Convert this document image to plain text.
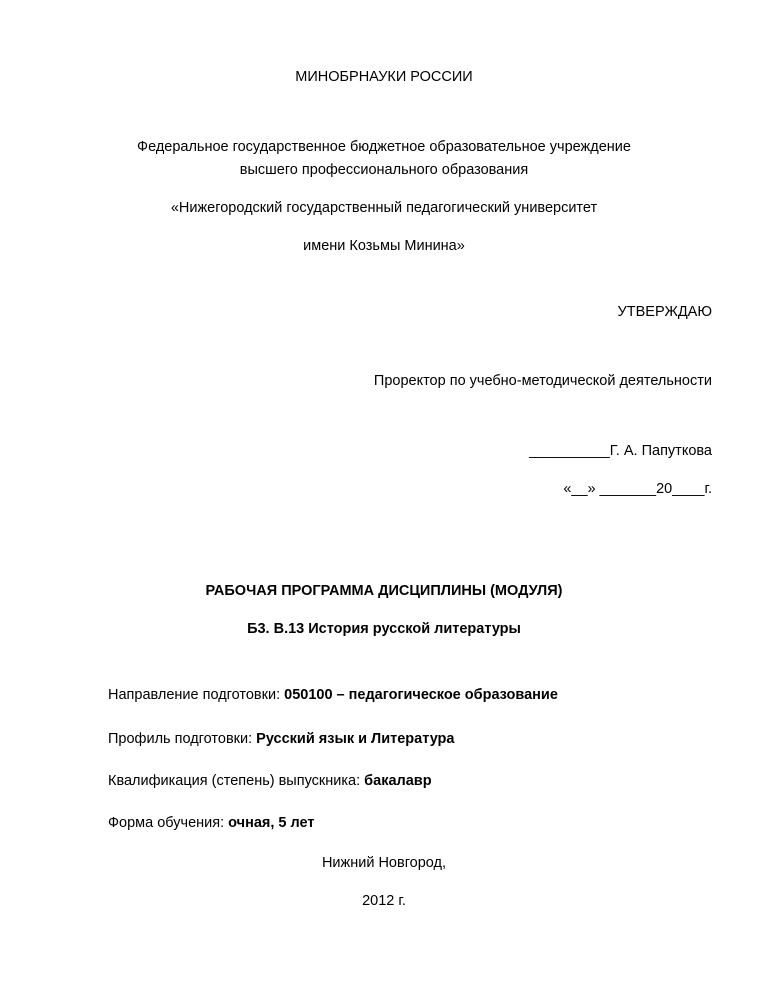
МИНОБРНАУКИ РОССИИ
Федеральное государственное бюджетное образовательное учреждение
высшего профессионального образования
«Нижегородский государственный педагогический университет
имени Козьмы Минина»
УТВЕРЖДАЮ
Проректор по учебно-методической деятельности
__________Г. А. Папуткова
«__» _______20____г.
РАБОЧАЯ ПРОГРАММА ДИСЦИПЛИНЫ (МОДУЛЯ)
Б3. В.13 История русской литературы
Направление подготовки: 050100 – педагогическое образование
Профиль подготовки: Русский язык и Литература
Квалификация (степень) выпускника: бакалавр
Форма обучения: очная, 5 лет
Нижний Новгород,
2012 г.
